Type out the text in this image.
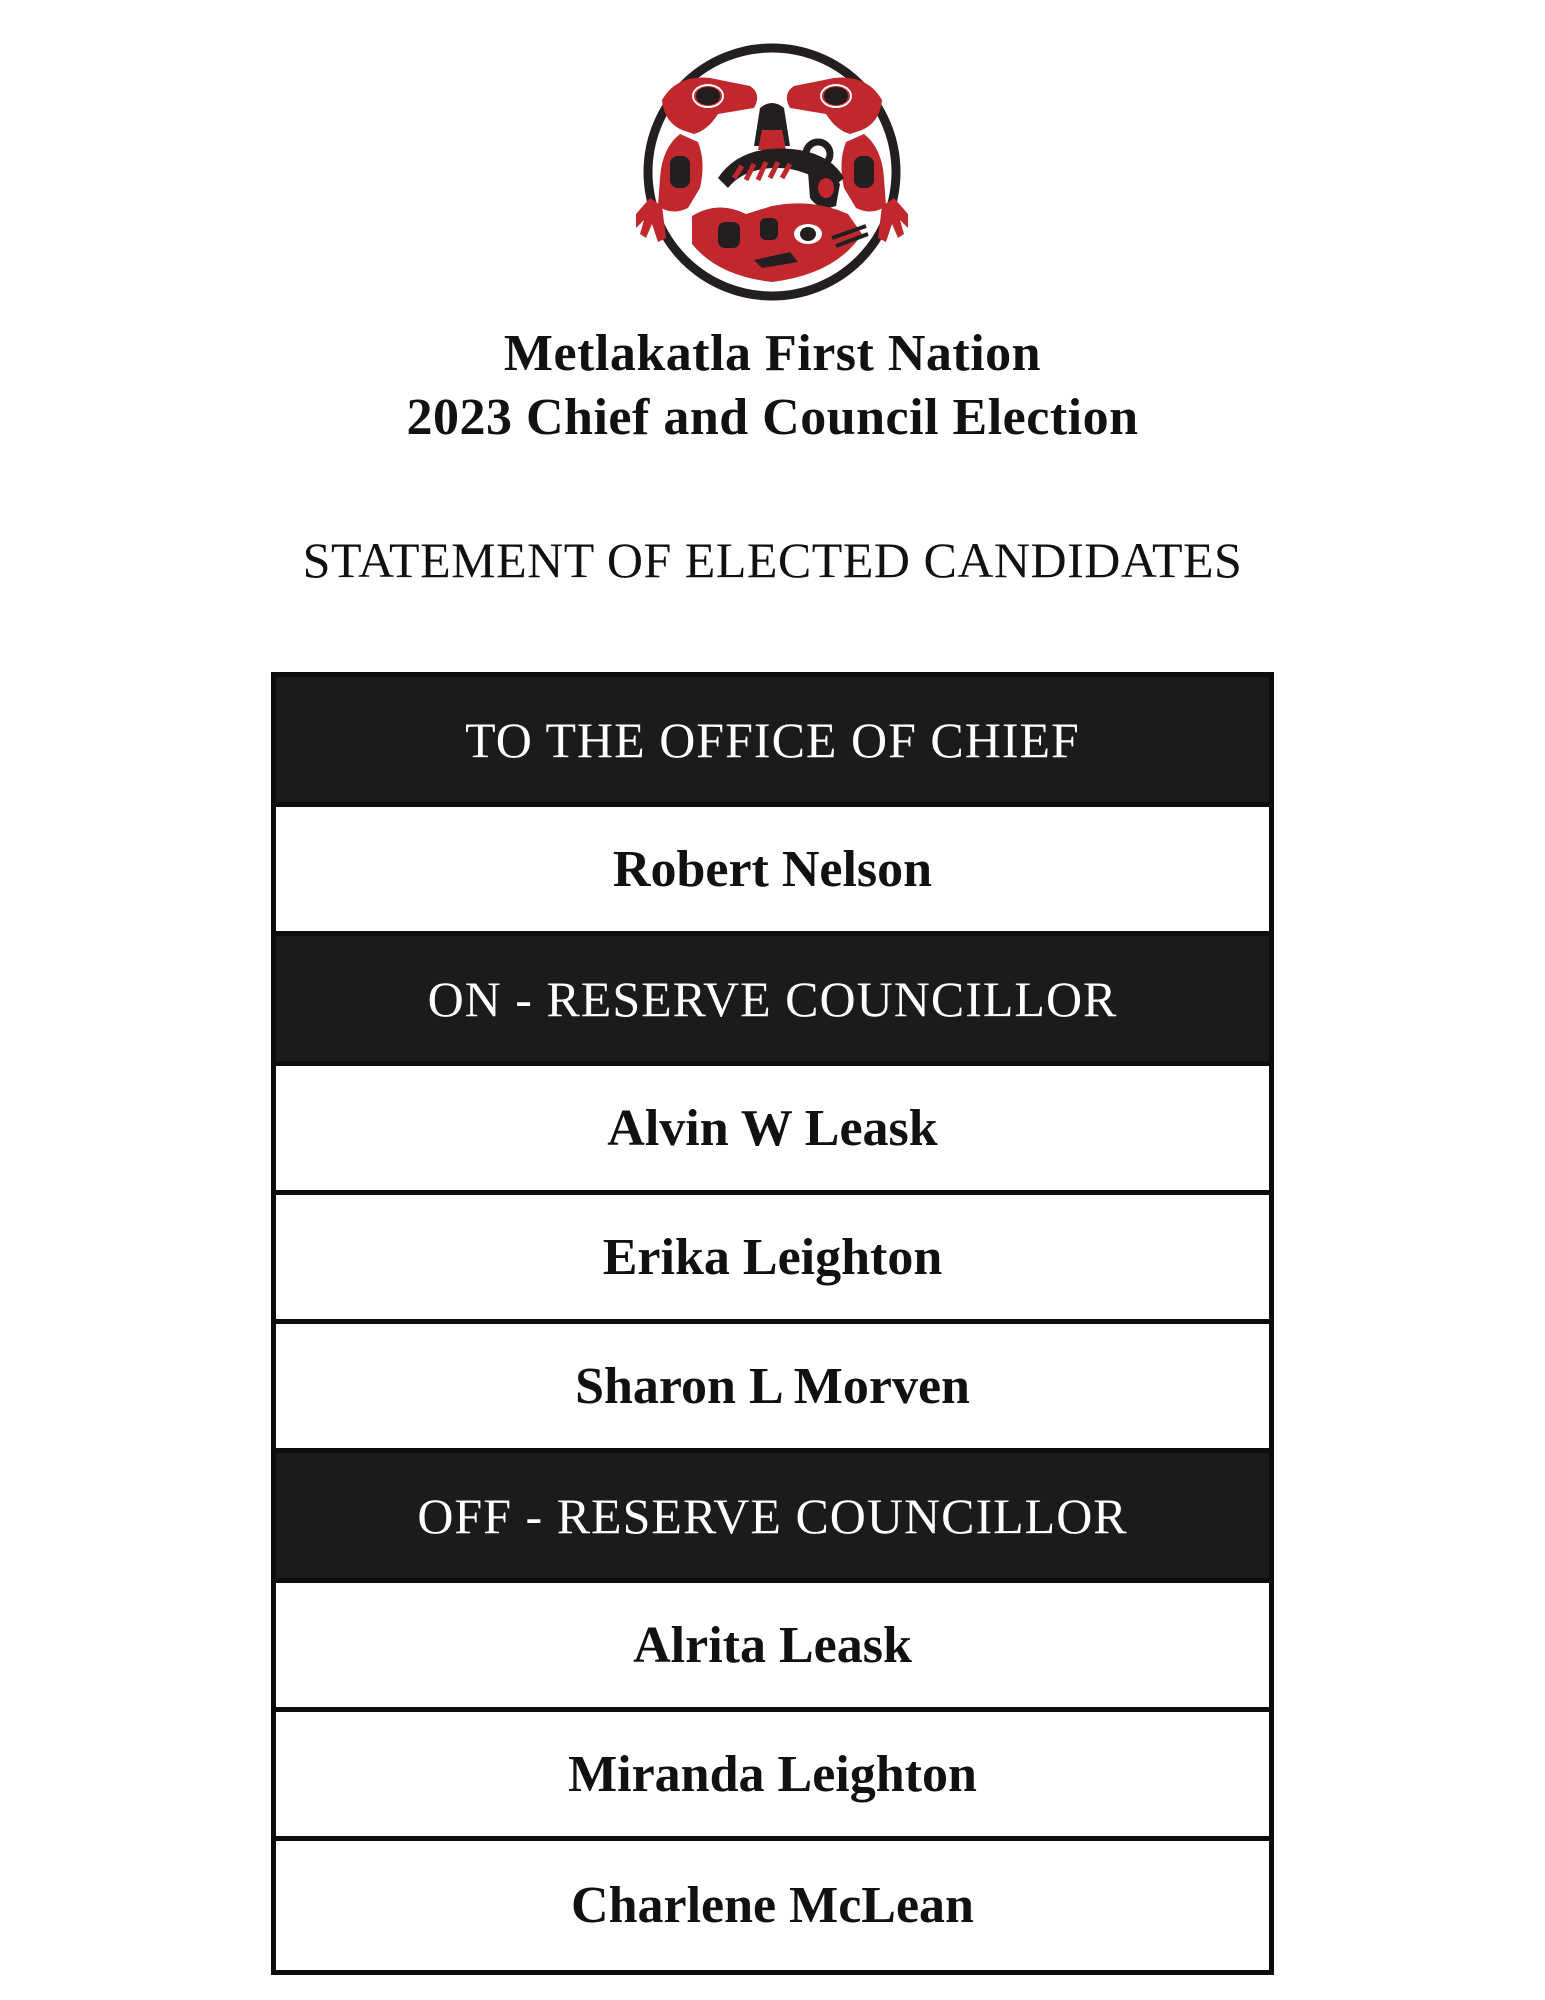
Metlakatla First Nation
2023 Chief and Council Election
STATEMENT OF ELECTED CANDIDATES
TO THE OFFICE OF CHIEF
Robert Nelson
ON - RESERVE COUNCILLOR
Alvin W Leask
Erika Leighton
Sharon L Morven
OFF - RESERVE COUNCILLOR
Alrita Leask
Miranda Leighton
Charlene McLean
